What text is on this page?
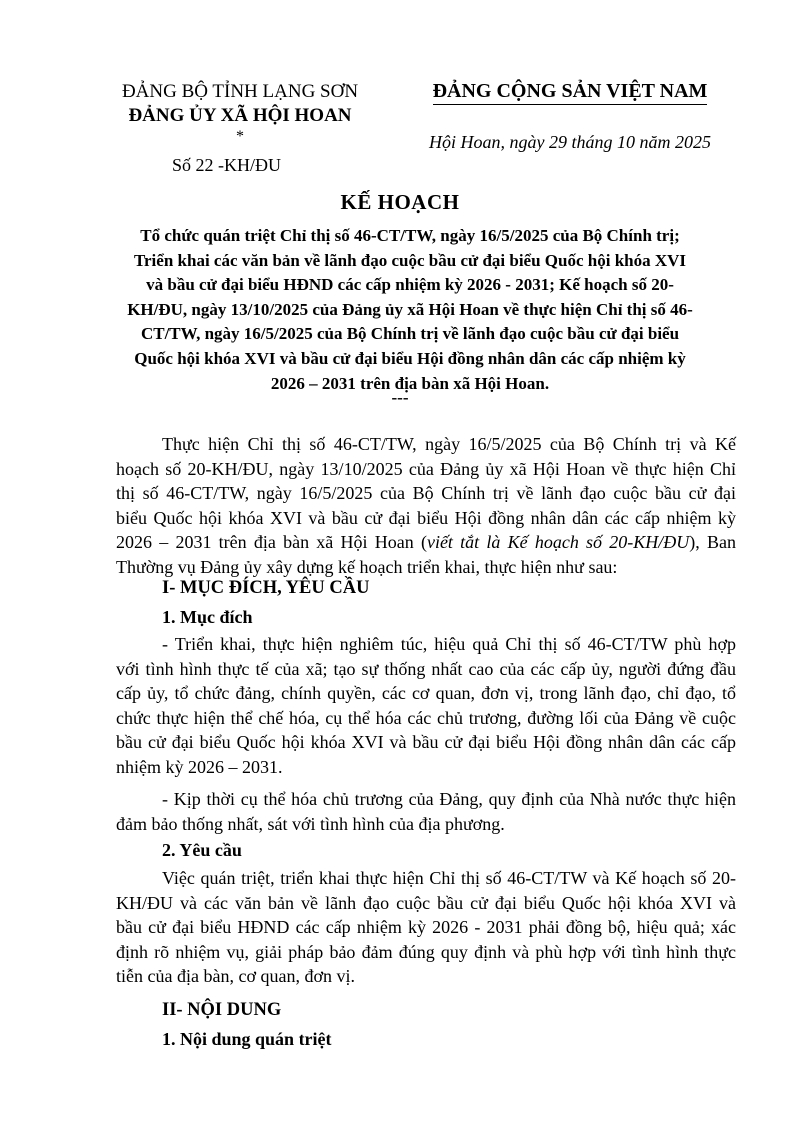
ĐẢNG BỘ TỈNH LẠNG SƠN
ĐẢNG ỦY XÃ HỘI HOAN
*
Số 22 -KH/ĐU
ĐẢNG CỘNG SẢN VIỆT NAM
Hội Hoan, ngày 29 tháng 10 năm 2025
KẾ HOẠCH
Tổ chức quán triệt Chỉ thị số 46-CT/TW, ngày 16/5/2025 của Bộ Chính trị;
Triển khai các văn bản về lãnh đạo cuộc bầu cử đại biểu Quốc hội khóa XVI
và bầu cử đại biểu HĐND các cấp nhiệm kỳ 2026 - 2031; Kế hoạch số 20-
KH/ĐU, ngày 13/10/2025 của Đảng ủy xã Hội Hoan về thực hiện Chỉ thị số 46-
CT/TW, ngày 16/5/2025 của Bộ Chính trị về lãnh đạo cuộc bầu cử đại biểu
Quốc hội khóa XVI và bầu cử đại biểu Hội đồng nhân dân các cấp nhiệm kỳ
2026 – 2031 trên địa bàn xã Hội Hoan.
---
Thực hiện Chỉ thị số 46-CT/TW, ngày 16/5/2025 của Bộ Chính trị và Kế
hoạch số 20-KH/ĐU, ngày 13/10/2025 của Đảng ủy xã Hội Hoan về thực hiện Chỉ
thị số 46-CT/TW, ngày 16/5/2025 của Bộ Chính trị về lãnh đạo cuộc bầu cử đại
biểu Quốc hội khóa XVI và bầu cử đại biểu Hội đồng nhân dân các cấp nhiệm kỳ
2026 – 2031 trên địa bàn xã Hội Hoan (viết tắt là Kế hoạch số 20-KH/ĐU), Ban
Thường vụ Đảng ủy xây dựng kế hoạch triển khai, thực hiện như sau:
I- MỤC ĐÍCH, YÊU CẦU
1. Mục đích
- Triển khai, thực hiện nghiêm túc, hiệu quả Chỉ thị số 46-CT/TW phù hợp
với tình hình thực tế của xã; tạo sự thống nhất cao của các cấp ủy, người đứng đầu
cấp ủy, tổ chức đảng, chính quyền, các cơ quan, đơn vị, trong lãnh đạo, chỉ đạo, tổ
chức thực hiện thể chế hóa, cụ thể hóa các chủ trương, đường lối của Đảng về cuộc
bầu cử đại biểu Quốc hội khóa XVI và bầu cử đại biểu Hội đồng nhân dân các cấp
nhiệm kỳ 2026 – 2031.
- Kịp thời cụ thể hóa chủ trương của Đảng, quy định của Nhà nước thực hiện
đảm bảo thống nhất, sát với tình hình của địa phương.
2. Yêu cầu
Việc quán triệt, triển khai thực hiện Chỉ thị số 46-CT/TW và Kế hoạch số 20-
KH/ĐU và các văn bản về lãnh đạo cuộc bầu cử đại biểu Quốc hội khóa XVI và
bầu cử đại biểu HĐND các cấp nhiệm kỳ 2026 - 2031 phải đồng bộ, hiệu quả; xác
định rõ nhiệm vụ, giải pháp bảo đảm đúng quy định và phù hợp với tình hình thực
tiễn của địa bàn, cơ quan, đơn vị.
II- NỘI DUNG
1. Nội dung quán triệt
